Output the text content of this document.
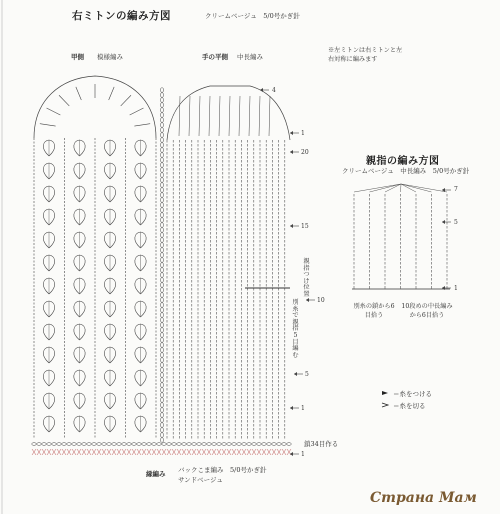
右ミトンの編み方図	クリームベージュ　5/0号かぎ針
甲側 模様編み	手の平側 中長編み
※左ミトンは右ミトンと左右対称に編みます
4
1
20
15
10
5
1
1
親指つけ位置
別糸で親指5目編む
鎖34目作る
縁編み バックこま編み　5/0号かぎ針
サンドベージュ
親指の編み方図
クリームベージュ　中長編み　5/0号かぎ針
7
5
1
別糸の鎖から6目拾う
10段めの中長編みから6目拾う
＝糸をつける
＝糸を切る
Страна Мам
